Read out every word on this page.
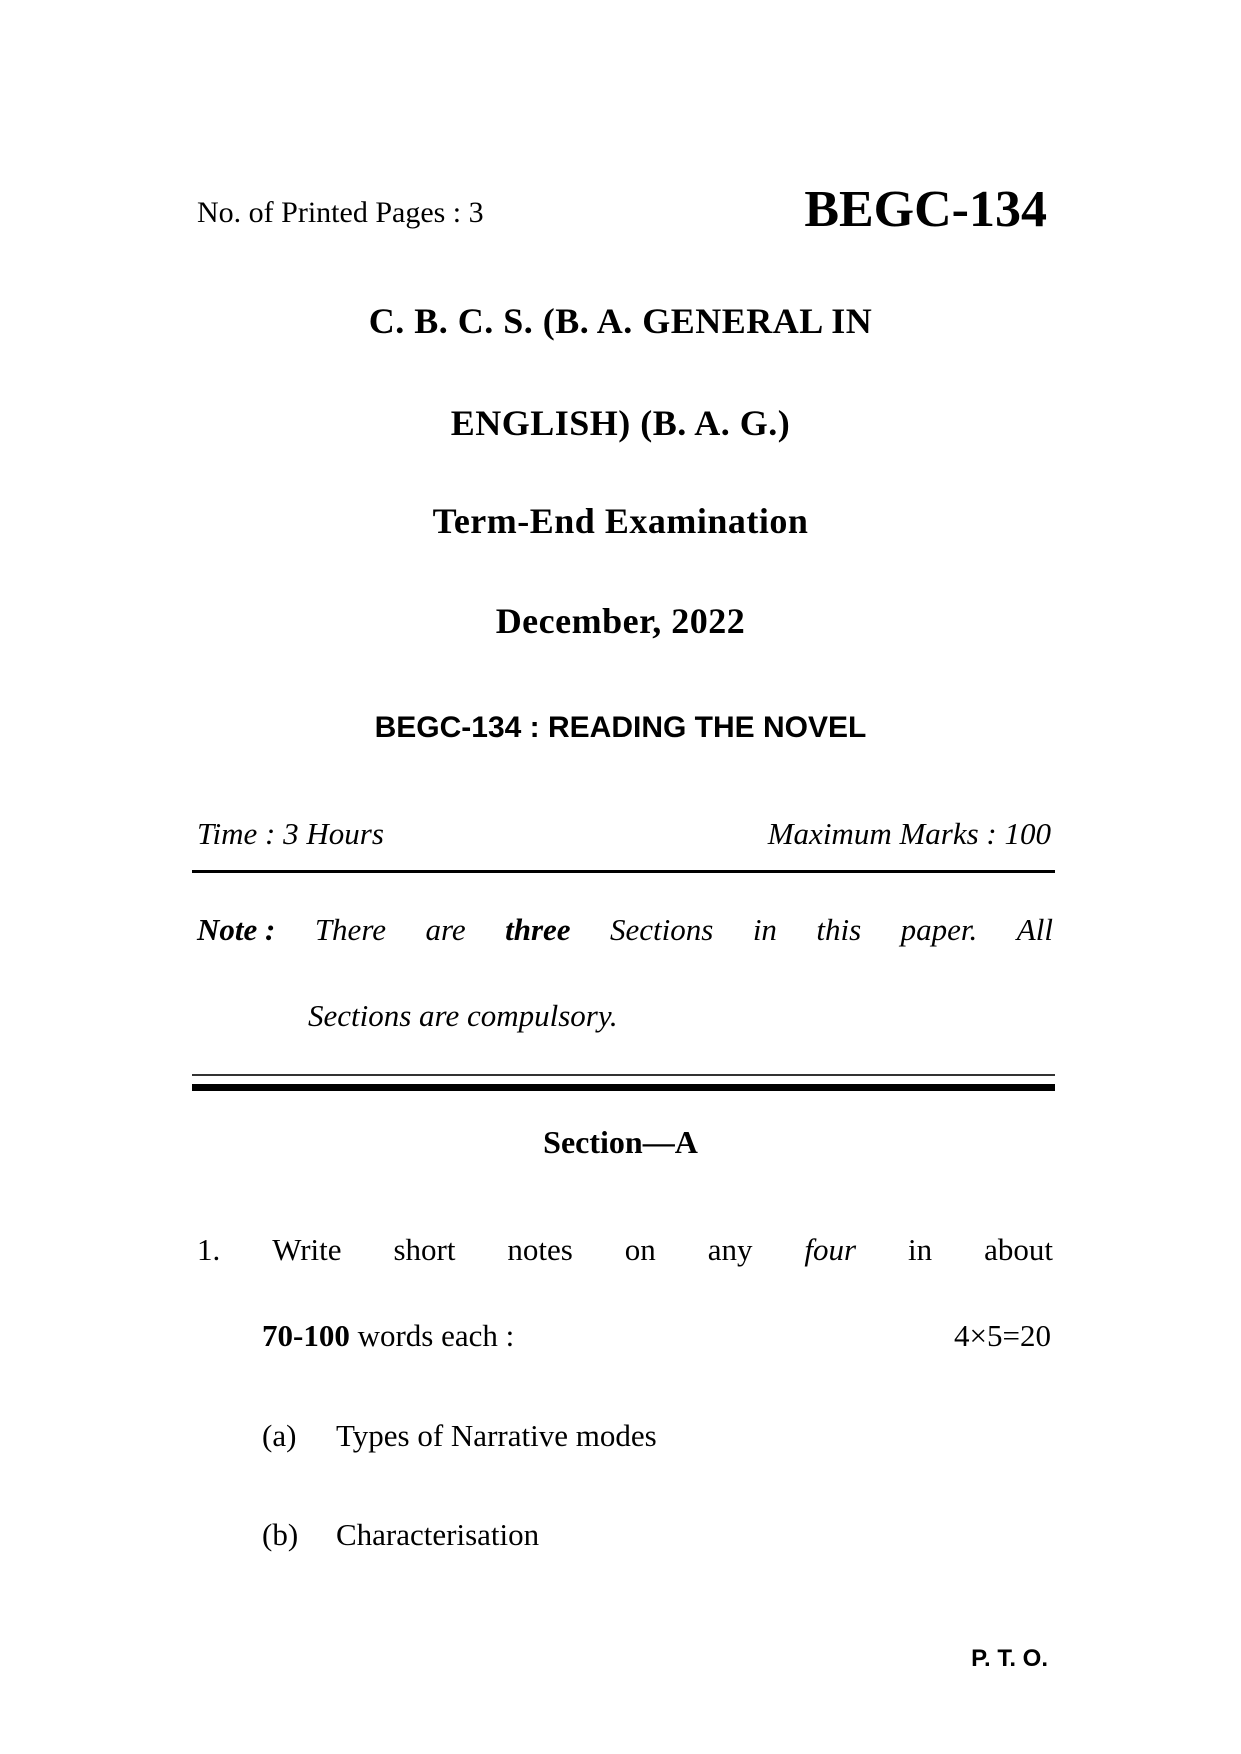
No. of Printed Pages : 3	BEGC-134
C. B. C. S. (B. A. GENERAL IN
ENGLISH) (B. A. G.)
Term-End Examination
December, 2022
BEGC-134 : READING THE NOVEL
Time : 3 Hours	Maximum Marks : 100
Note : There are three Sections in this paper. All
Sections are compulsory.
Section—A
1. Write short notes on any four in about
70-100 words each :	4×5=20
(a) Types of Narrative modes
(b) Characterisation
P. T. O.
